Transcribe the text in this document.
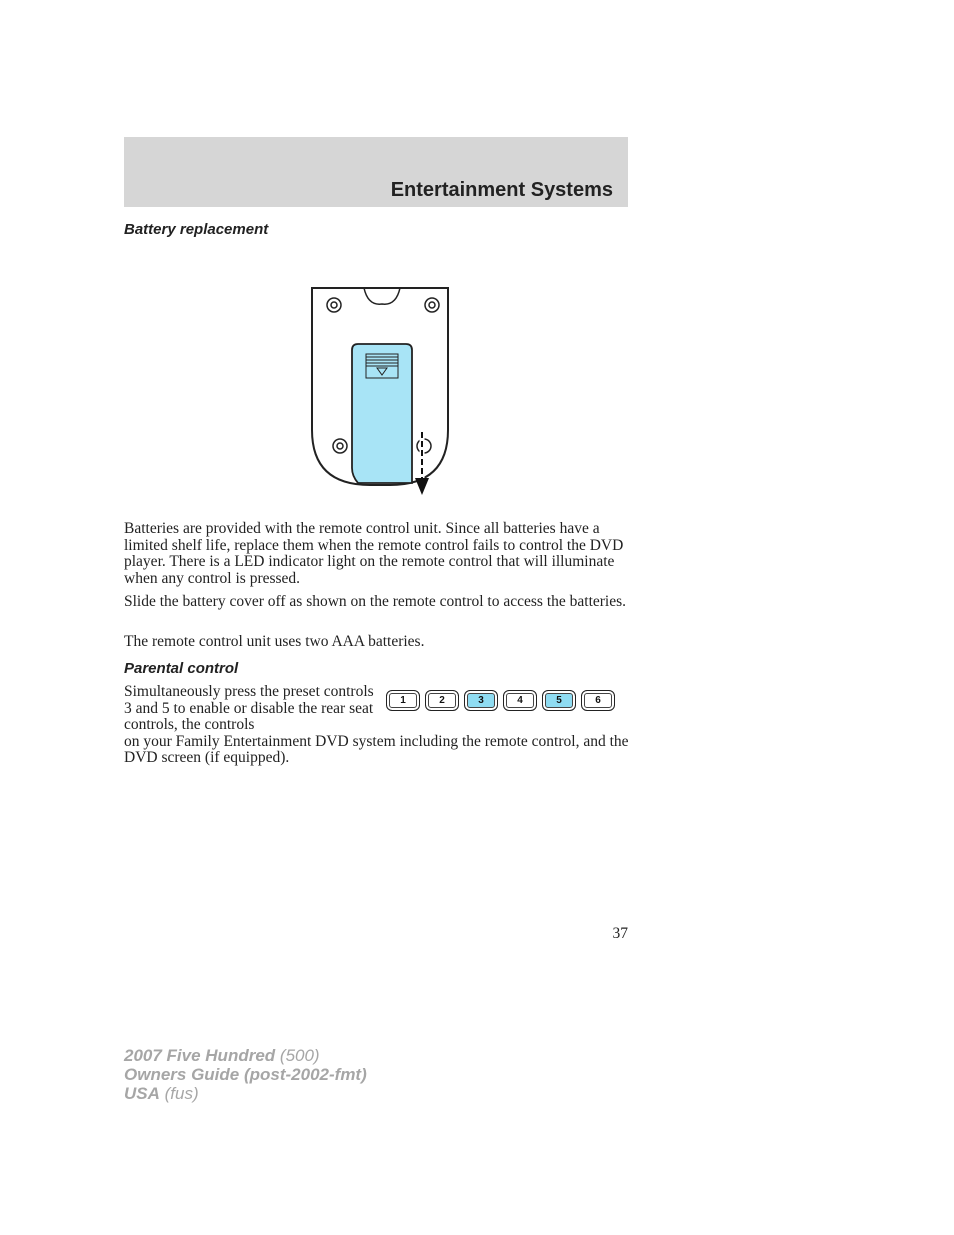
Entertainment Systems
Battery replacement

Batteries are provided with the remote control unit. Since all batteries have a limited shelf life, replace them when the remote control fails to control the DVD player. There is a LED indicator light on the remote control that will illuminate when any control is pressed.

Slide the battery cover off as shown on the remote control to access the batteries.

The remote control unit uses two AAA batteries.

Parental control
Simultaneously press the preset controls 3 and 5 to enable or disable the rear seat controls, the controls
on your Family Entertainment DVD system including the remote control, and the DVD screen (if equipped).
1	2	3	4	5	6
37
2007 Five Hundred (500)
Owners Guide (post-2002-fmt)
USA (fus)
